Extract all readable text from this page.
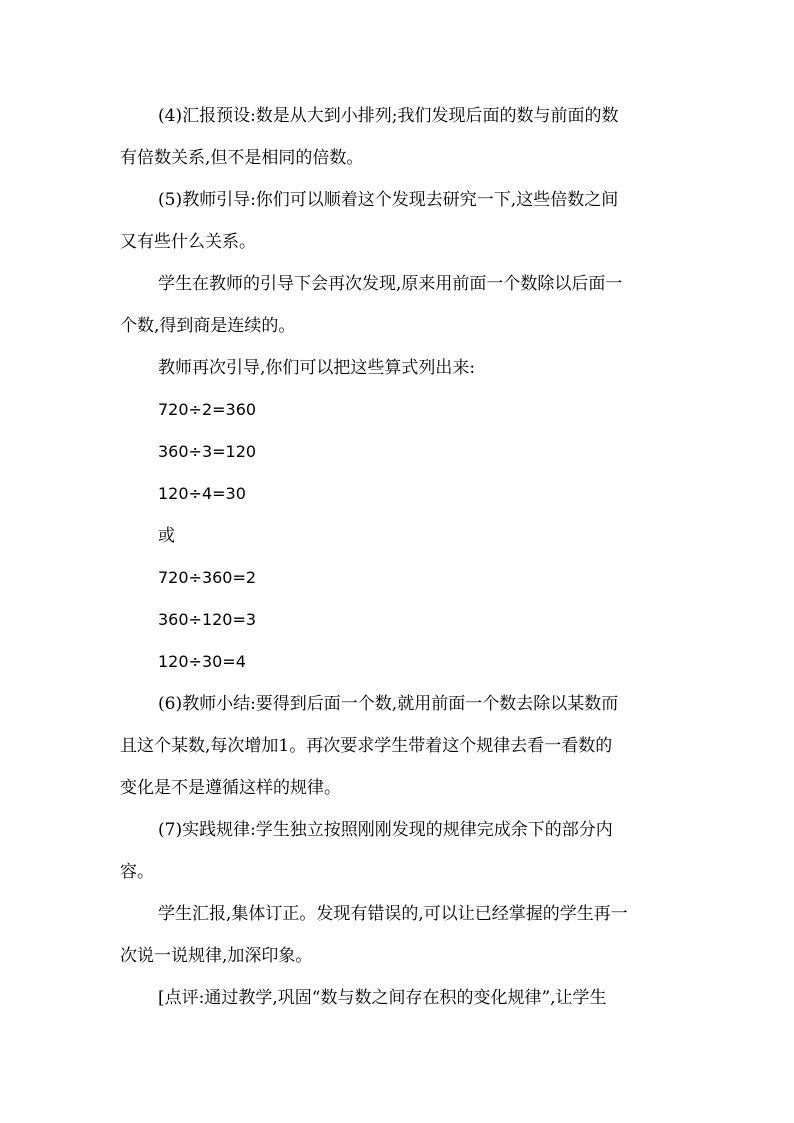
(4)汇报预设:数是从大到小排列;我们发现后面的数与前面的数
有倍数关系,但不是相同的倍数。
(5)教师引导:你们可以顺着这个发现去研究一下,这些倍数之间
又有些什么关系。
学生在教师的引导下会再次发现,原来用前面一个数除以后面一
个数,得到商是连续的。
教师再次引导,你们可以把这些算式列出来:
720÷2=360
360÷3=120
120÷4=30
或
720÷360=2
360÷120=3
120÷30=4
(6)教师小结:要得到后面一个数,就用前面一个数去除以某数而
且这个某数,每次增加1。再次要求学生带着这个规律去看一看数的
变化是不是遵循这样的规律。
(7)实践规律:学生独立按照刚刚发现的规律完成余下的部分内
容。
学生汇报,集体订正。发现有错误的,可以让已经掌握的学生再一
次说一说规律,加深印象。
[点评:通过教学,巩固“数与数之间存在积的变化规律”,让学生
